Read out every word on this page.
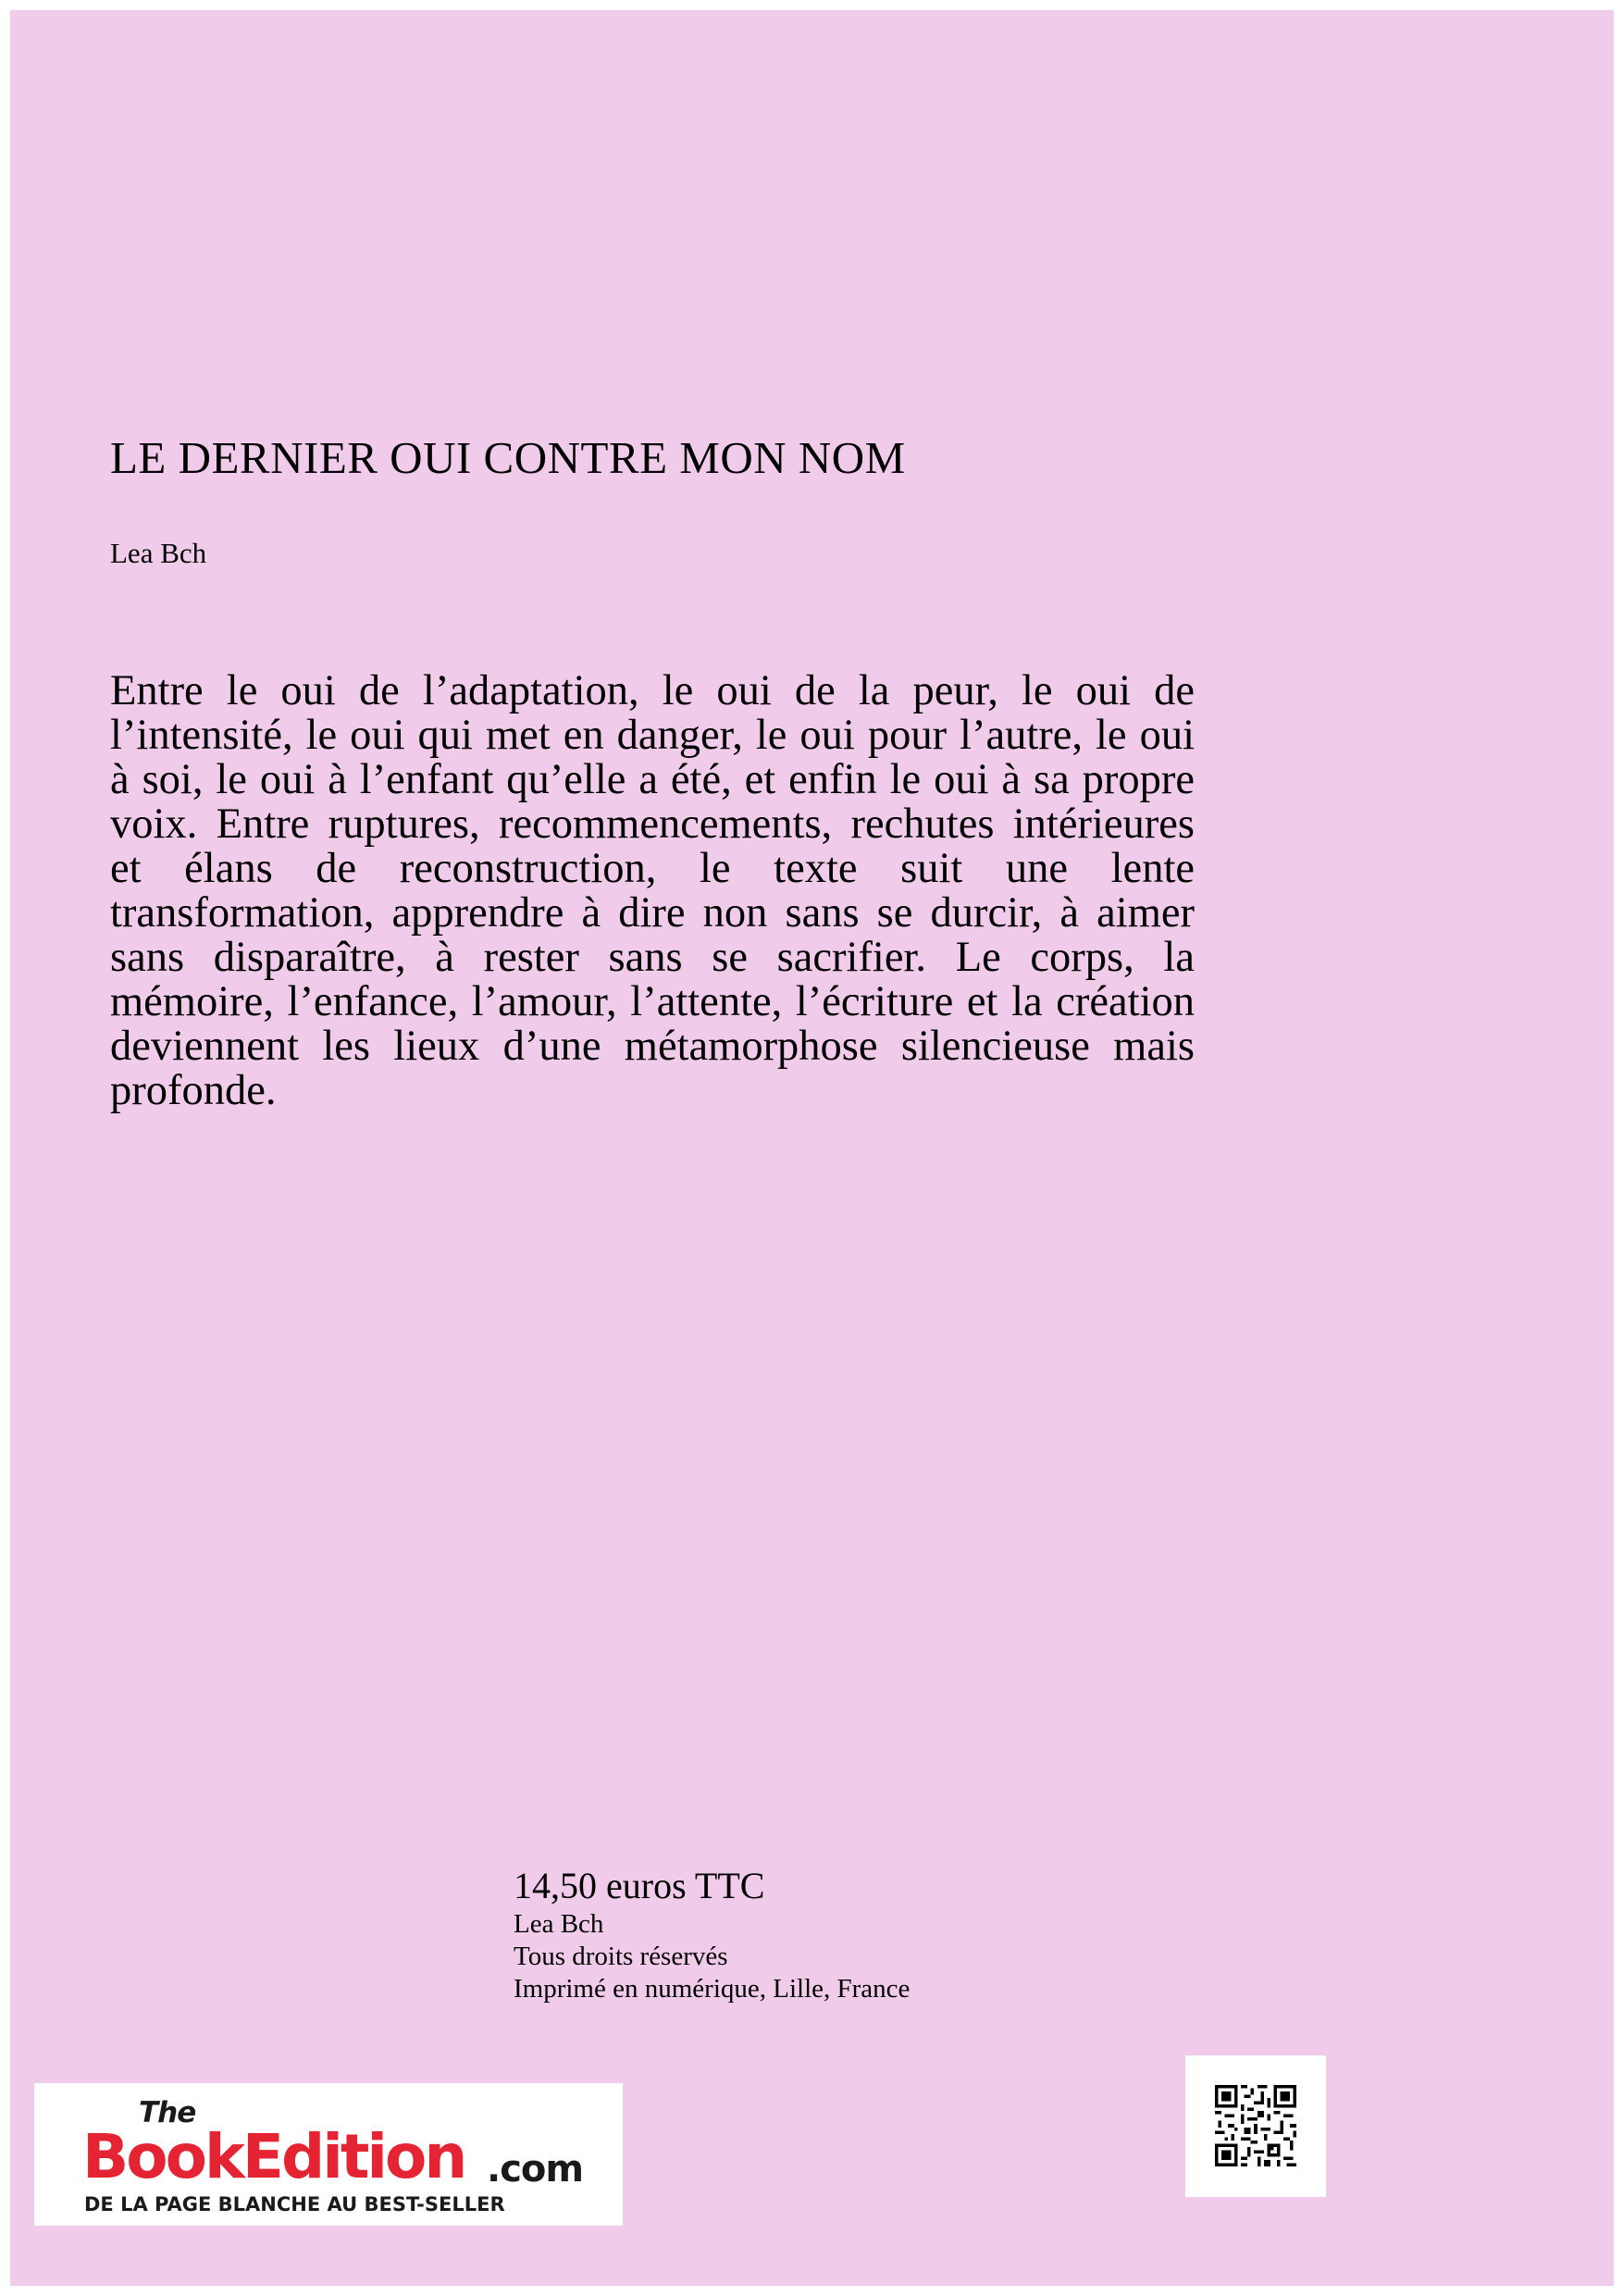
LE DERNIER OUI CONTRE MON NOM
Lea Bch

Entre le oui de l’adaptation, le oui de la peur, le oui de l’intensité, le oui qui met en danger, le oui pour l’autre, le oui à soi, le oui à l’enfant qu’elle a été, et enfin le oui à sa propre voix. Entre ruptures, recommencements, rechutes intérieures et élans de reconstruction, le texte suit une lente transformation, apprendre à dire non sans se durcir, à aimer sans disparaître, à rester sans se sacrifier. Le corps, la mémoire, l’enfance, l’amour, l’attente, l’écriture et la création deviennent les lieux d’une métamorphose silencieuse mais profonde.

14,50 euros TTC
Lea Bch
Tous droits réservés
Imprimé en numérique, Lille, France
The
BookEdition .com
DE LA PAGE BLANCHE AU BEST-SELLER
